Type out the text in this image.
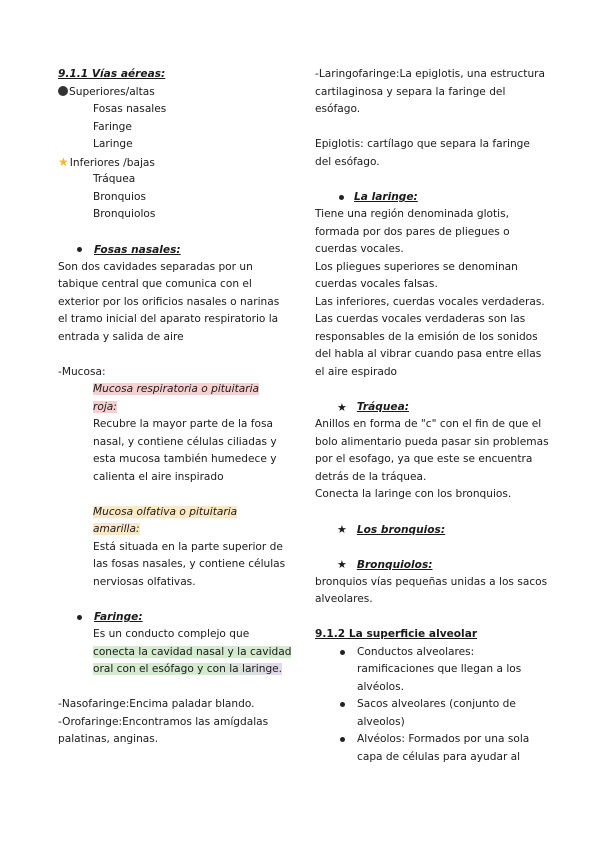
9.1.1 Vías aéreas:
Superiores/altas
Fosas nasales
Faringe
Laringe
★Inferiores /bajas
Tráquea
Bronquios
Bronquiolos
Fosas nasales:
Son dos cavidades separadas por un
tabique central que comunica con el
exterior por los orificios nasales o narinas
el tramo inicial del aparato respiratorio la
entrada y salida de aire
-Mucosa:
Mucosa respiratoria o pituitaria
roja:
Recubre la mayor parte de la fosa
nasal, y contiene células ciliadas y
esta mucosa también humedece y
calienta el aire inspirado
Mucosa olfativa o pituitaria
amarilla:
Está situada en la parte superior de
las fosas nasales, y contiene células
nerviosas olfativas.
Faringe:
Es un conducto complejo que
conecta la cavidad nasal y la cavidad
oral con el esófago y con la laringe.
-Nasofaringe:Encima paladar blando.
-Orofaringe:Encontramos las amígdalas
palatinas, anginas.
-Laringofaringe:La epiglotis, una estructura
cartilaginosa y separa la faringe del
esófago.
Epiglotis: cartílago que separa la faringe
del esófago.
La laringe:
Tiene una región denominada glotis,
formada por dos pares de pliegues o
cuerdas vocales.
Los pliegues superiores se denominan
cuerdas vocales falsas.
Las inferiores, cuerdas vocales verdaderas.
Las cuerdas vocales verdaderas son las
responsables de la emisión de los sonidos
del habla al vibrar cuando pasa entre ellas
el aire espirado
★ Tráquea:
Anillos en forma de "c" con el fin de que el
bolo alimentario pueda pasar sin problemas
por el esofago, ya que este se encuentra
detrás de la tráquea.
Conecta la laringe con los bronquios.
★ Los bronquios:
★ Bronquiolos:
bronquios vías pequeñas unidas a los sacos
alveolares.
9.1.2 La superficie alveolar
Conductos alveolares:
ramificaciones que llegan a los
alvéolos.
Sacos alveolares (conjunto de
alveolos)
Alvéolos: Formados por una sola
capa de células para ayudar al
